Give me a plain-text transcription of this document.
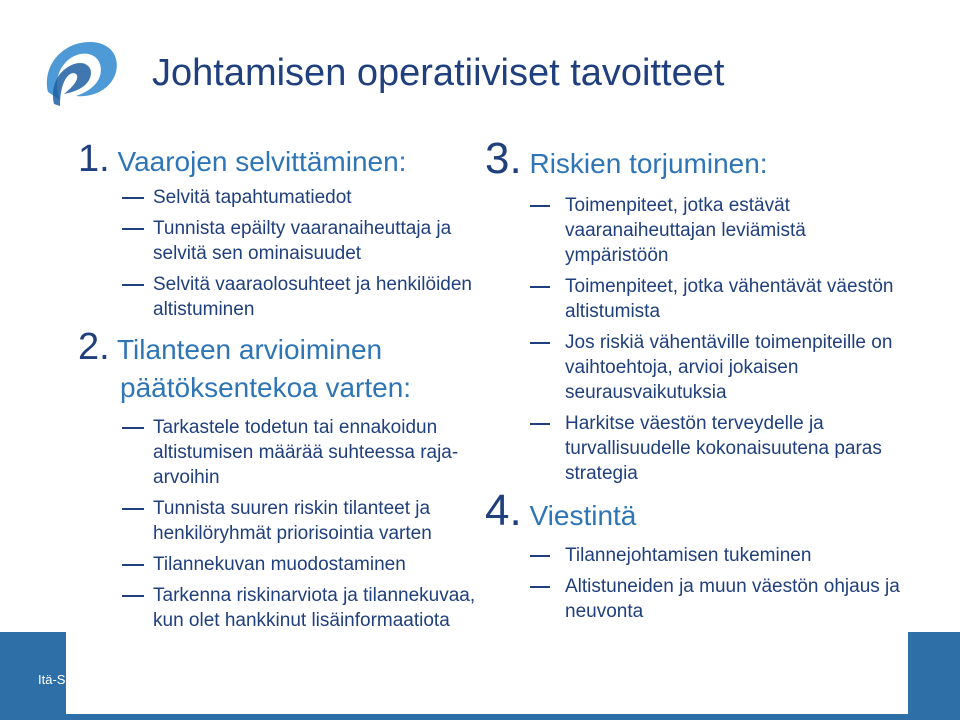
Itä-S
Johtamisen operatiiviset tavoitteet

1. Vaarojen selvittäminen:

Selvitä tapahtumatiedot
Tunnista epäilty vaaranaiheuttaja ja selvitä sen ominaisuudet
Selvitä vaaraolosuhteet ja henkilöiden altistuminen

2. Tilanteen arvioiminen päätöksentekoa varten:

Tarkastele todetun tai ennakoidun altistumisen määrää suhteessa raja-arvoihin
Tunnista suuren riskin tilanteet ja henkilöryhmät priorisointia varten
Tilannekuvan muodostaminen
Tarkenna riskinarviota ja tilannekuvaa, kun olet hankkinut lisäinformaatiota

3. Riskien torjuminen:

Toimenpiteet, jotka estävät vaaranaiheuttajan leviämistä ympäristöön
Toimenpiteet, jotka vähentävät väestön altistumista
Jos riskiä vähentäville toimenpiteille on vaihtoehtoja, arvioi jokaisen seurausvaikutuksia
Harkitse väestön terveydelle ja turvallisuudelle kokonaisuutena paras strategia

4. Viestintä

Tilannejohtamisen tukeminen
Altistuneiden ja muun väestön ohjaus ja neuvonta
